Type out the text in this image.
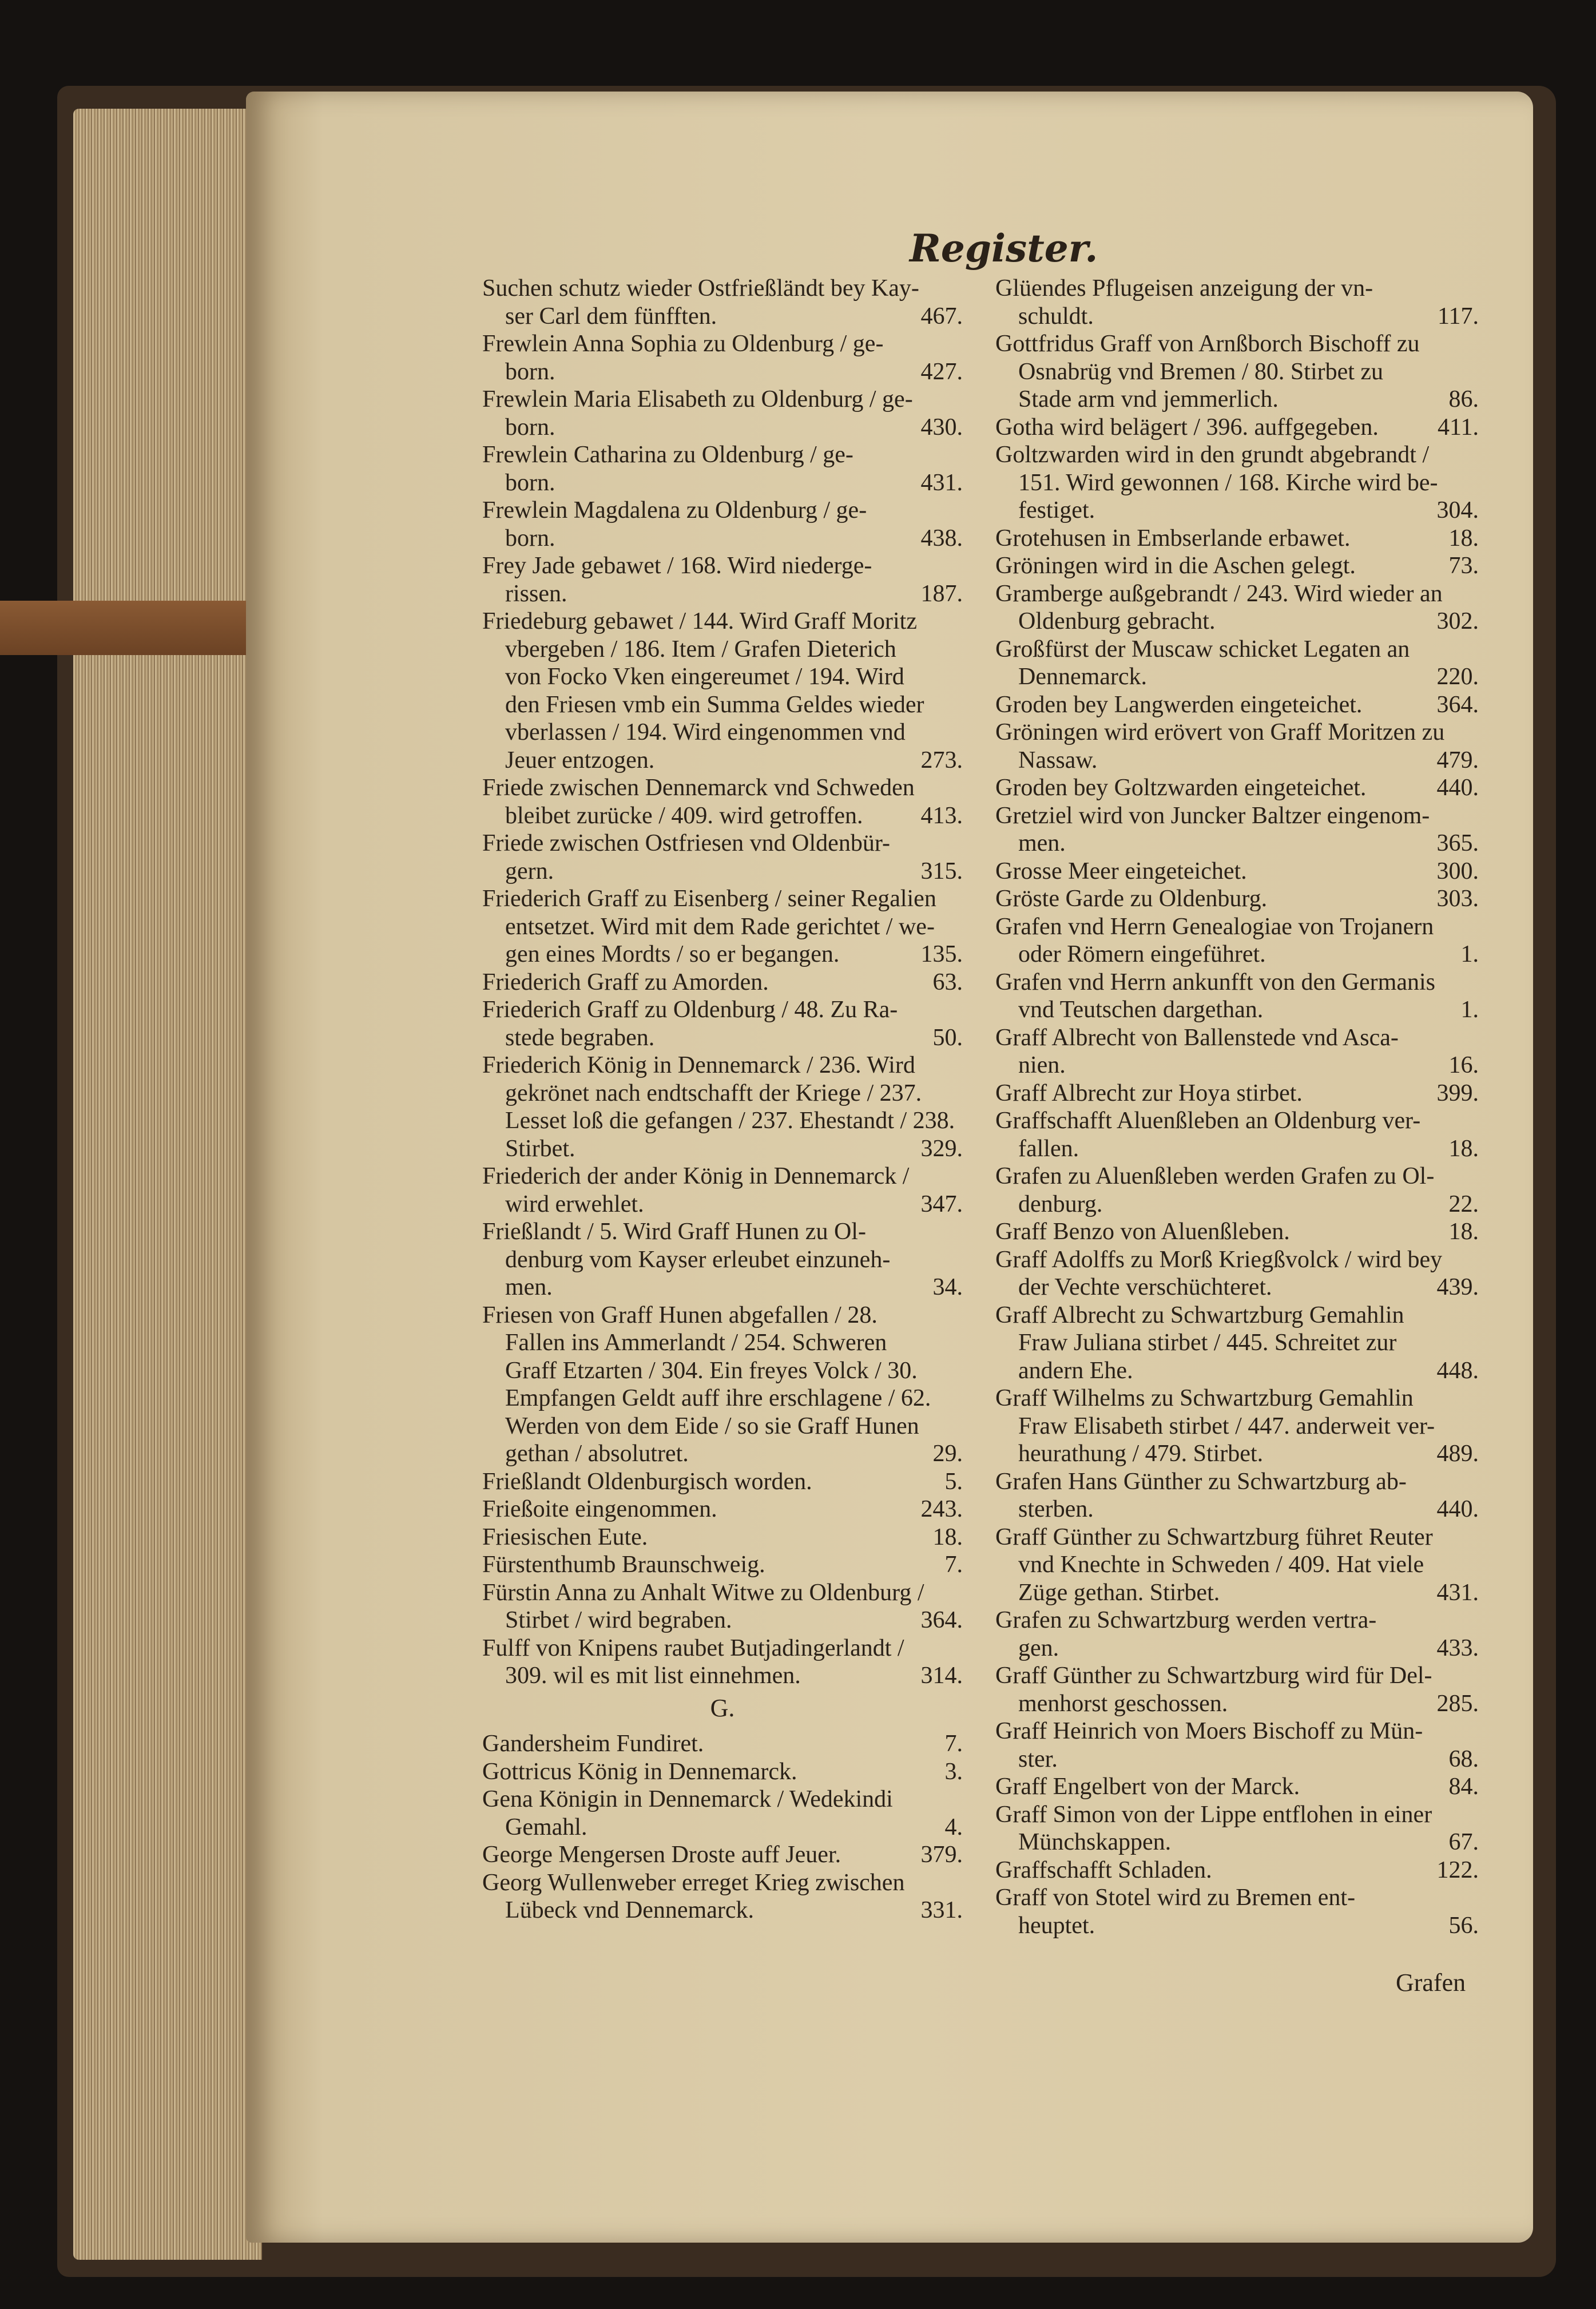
Register.
Suchen schutz wieder Ostfrießländt bey Kay-
ser Carl dem fünfften.	467.
Frewlein Anna Sophia zu Oldenburg / ge-
born.	427.
Frewlein Maria Elisabeth zu Oldenburg / ge-
born.	430.
Frewlein Catharina zu Oldenburg / ge-
born.	431.
Frewlein Magdalena zu Oldenburg / ge-
born.	438.
Frey Jade gebawet / 168. Wird niederge-
rissen.	187.
Friedeburg gebawet / 144. Wird Graff Moritz
vbergeben / 186. Item / Grafen Dieterich
von Focko Vken eingereumet / 194. Wird
den Friesen vmb ein Summa Geldes wieder
vberlassen / 194. Wird eingenommen vnd
Jeuer entzogen.	273.
Friede zwischen Dennemarck vnd Schweden
bleibet zurücke / 409. wird getroffen. 413.
Friede zwischen Ostfriesen vnd Oldenbür-
gern.	315.
Friederich Graff zu Eisenberg / seiner Regalien
entsetzet. Wird mit dem Rade gerichtet / we-
gen eines Mordts / so er begangen.	135.
Friederich Graff zu Amorden.	63.
Friederich Graff zu Oldenburg / 48. Zu Ra-
stede begraben.	50.
Friederich König in Dennemarck / 236. Wird
gekrönet nach endtschafft der Kriege / 237.
Lesset loß die gefangen / 237. Ehestandt / 238.
Stirbet.	329.
Friederich der ander König in Dennemarck /
wird erwehlet.	347.
Frießlandt / 5. Wird Graff Hunen zu Ol-
denburg vom Kayser erleubet einzuneh-
men.	34.
Friesen von Graff Hunen abgefallen / 28.
Fallen ins Ammerlandt / 254. Schweren
Graff Etzarten / 304. Ein freyes Volck / 30.
Empfangen Geldt auff ihre erschlagene / 62.
Werden von dem Eide / so sie Graff Hunen
gethan / absolutret.	29.
Frießlandt Oldenburgisch worden.	5.
Frießoite eingenommen.	243.
Friesischen Eute.	18.
Fürstenthumb Braunschweig.	7.
Fürstin Anna zu Anhalt Witwe zu Oldenburg /
Stirbet / wird begraben.	364.
Fulff von Knipens raubet Butjadingerlandt /
309. wil es mit list einnehmen.	314.
G.
Gandersheim Fundiret.	7.
Gottricus König in Dennemarck.	3.
Gena Königin in Dennemarck / Wedekindi
Gemahl.	4.
George Mengersen Droste auff Jeuer.	379.
Georg Wullenweber erreget Krieg zwischen
Lübeck vnd Dennemarck.	331.
Glüendes Pflugeisen anzeigung der vn-
schuldt.	117.
Gottfridus Graff von Arnßborch Bischoff zu
Osnabrüg vnd Bremen / 80. Stirbet zu
Stade arm vnd jemmerlich.	86.
Gotha wird belägert / 396. auffgegeben. 411.
Goltzwarden wird in den grundt abgebrandt /
151. Wird gewonnen / 168. Kirche wird be-
festiget.	304.
Grotehusen in Embserlande erbawet.	18.
Gröningen wird in die Aschen gelegt.	73.
Gramberge außgebrandt / 243. Wird wieder an
Oldenburg gebracht.	302.
Großfürst der Muscaw schicket Legaten an
Dennemarck.	220.
Groden bey Langwerden eingeteichet.	364.
Gröningen wird erövert von Graff Moritzen zu
Nassaw.	479.
Groden bey Goltzwarden eingeteichet.	440.
Gretziel wird von Juncker Baltzer eingenom-
men.	365.
Grosse Meer eingeteichet.	300.
Gröste Garde zu Oldenburg.	303.
Grafen vnd Herrn Genealogiae von Trojanern
oder Römern eingeführet.	1.
Grafen vnd Herrn ankunfft von den Germanis
vnd Teutschen dargethan.	1.
Graff Albrecht von Ballenstede vnd Asca-
nien.	16.
Graff Albrecht zur Hoya stirbet.	399.
Graffschafft Aluenßleben an Oldenburg ver-
fallen.	18.
Grafen zu Aluenßleben werden Grafen zu Ol-
denburg.	22.
Graff Benzo von Aluenßleben.	18.
Graff Adolffs zu Morß Kriegßvolck / wird bey
der Vechte verschüchteret.	439.
Graff Albrecht zu Schwartzburg Gemahlin
Fraw Juliana stirbet / 445. Schreitet zur
andern Ehe.	448.
Graff Wilhelms zu Schwartzburg Gemahlin
Fraw Elisabeth stirbet / 447. anderweit ver-
heurathung / 479. Stirbet.	489.
Grafen Hans Günther zu Schwartzburg ab-
sterben.	440.
Graff Günther zu Schwartzburg führet Reuter
vnd Knechte in Schweden / 409. Hat viele
Züge gethan. Stirbet.	431.
Grafen zu Schwartzburg werden vertra-
gen.	433.
Graff Günther zu Schwartzburg wird für Del-
menhorst geschossen.	285.
Graff Heinrich von Moers Bischoff zu Mün-
ster.	68.
Graff Engelbert von der Marck.	84.
Graff Simon von der Lippe entflohen in einer
Münchskappen.	67.
Graffschafft Schladen.	122.
Graff von Stotel wird zu Bremen ent-
heuptet.	56.
Grafen
